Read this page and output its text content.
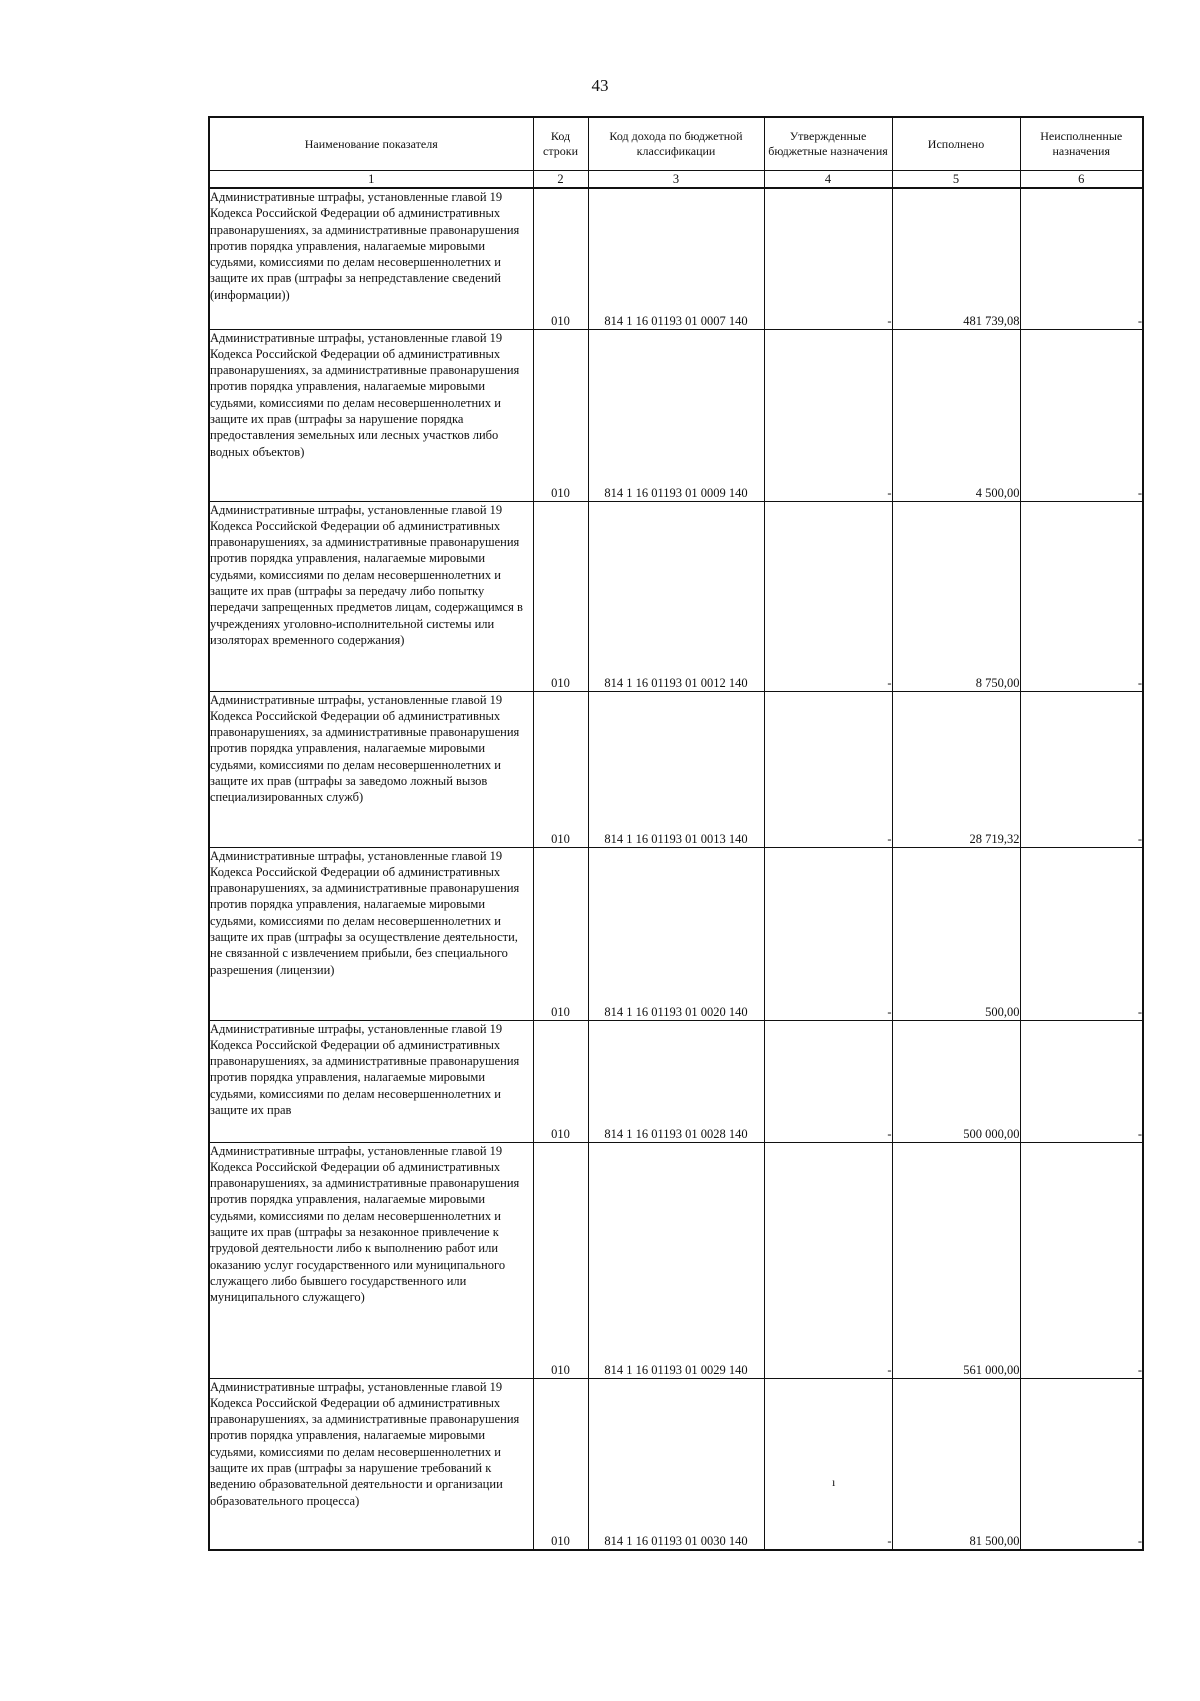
43
Наименование показателя	Код строки	Код дохода по бюджетной классификации	Утвержденные бюджетные назначения	Исполнено	Неисполненные назначения
1	2	3	4	5	6
Административные штрафы, установленные главой 19 Кодекса Российской Федерации об административных правонарушениях, за административные правонарушения против порядка управления, налагаемые мировыми судьями, комиссиями по делам несовершеннолетних и защите их прав (штрафы за непредставление сведений (информации))	010	814 1 16 01193 01 0007 140	-	481 739,08	-
Административные штрафы, установленные главой 19 Кодекса Российской Федерации об административных правонарушениях, за административные правонарушения против порядка управления, налагаемые мировыми судьями, комиссиями по делам несовершеннолетних и защите их прав (штрафы за нарушение порядка предоставления земельных или лесных участков либо водных объектов)	010	814 1 16 01193 01 0009 140	-	4 500,00	-
Административные штрафы, установленные главой 19 Кодекса Российской Федерации об административных правонарушениях, за административные правонарушения против порядка управления, налагаемые мировыми судьями, комиссиями по делам несовершеннолетних и защите их прав (штрафы за передачу либо попытку передачи запрещенных предметов лицам, содержащимся в учреждениях уголовно-исполнительной системы или изоляторах временного содержания)	010	814 1 16 01193 01 0012 140	-	8 750,00	-
Административные штрафы, установленные главой 19 Кодекса Российской Федерации об административных правонарушениях, за административные правонарушения против порядка управления, налагаемые мировыми судьями, комиссиями по делам несовершеннолетних и защите их прав (штрафы за заведомо ложный вызов специализированных служб)	010	814 1 16 01193 01 0013 140	-	28 719,32	-
Административные штрафы, установленные главой 19 Кодекса Российской Федерации об административных правонарушениях, за административные правонарушения против порядка управления, налагаемые мировыми судьями, комиссиями по делам несовершеннолетних и защите их прав (штрафы за осуществление деятельности, не связанной с извлечением прибыли, без специального разрешения (лицензии)	010	814 1 16 01193 01 0020 140	-	500,00	-
Административные штрафы, установленные главой 19 Кодекса Российской Федерации об административных правонарушениях, за административные правонарушения против порядка управления, налагаемые мировыми судьями, комиссиями по делам несовершеннолетних и защите их прав	010	814 1 16 01193 01 0028 140	-	500 000,00	-
Административные штрафы, установленные главой 19 Кодекса Российской Федерации об административных правонарушениях, за административные правонарушения против порядка управления, налагаемые мировыми судьями, комиссиями по делам несовершеннолетних и защите их прав (штрафы за незаконное привлечение к трудовой деятельности либо к выполнению работ или оказанию услуг государственного или муниципального служащего либо бывшего государственного или муниципального служащего)	010	814 1 16 01193 01 0029 140	-	561 000,00	-
Административные штрафы, установленные главой 19 Кодекса Российской Федерации об административных правонарушениях, за административные правонарушения против порядка управления, налагаемые мировыми судьями, комиссиями по делам несовершеннолетних и защите их прав (штрафы за нарушение требований к ведению образовательной деятельности и организации образовательного процесса)	010	814 1 16 01193 01 0030 140	-	81 500,00	-
ı
